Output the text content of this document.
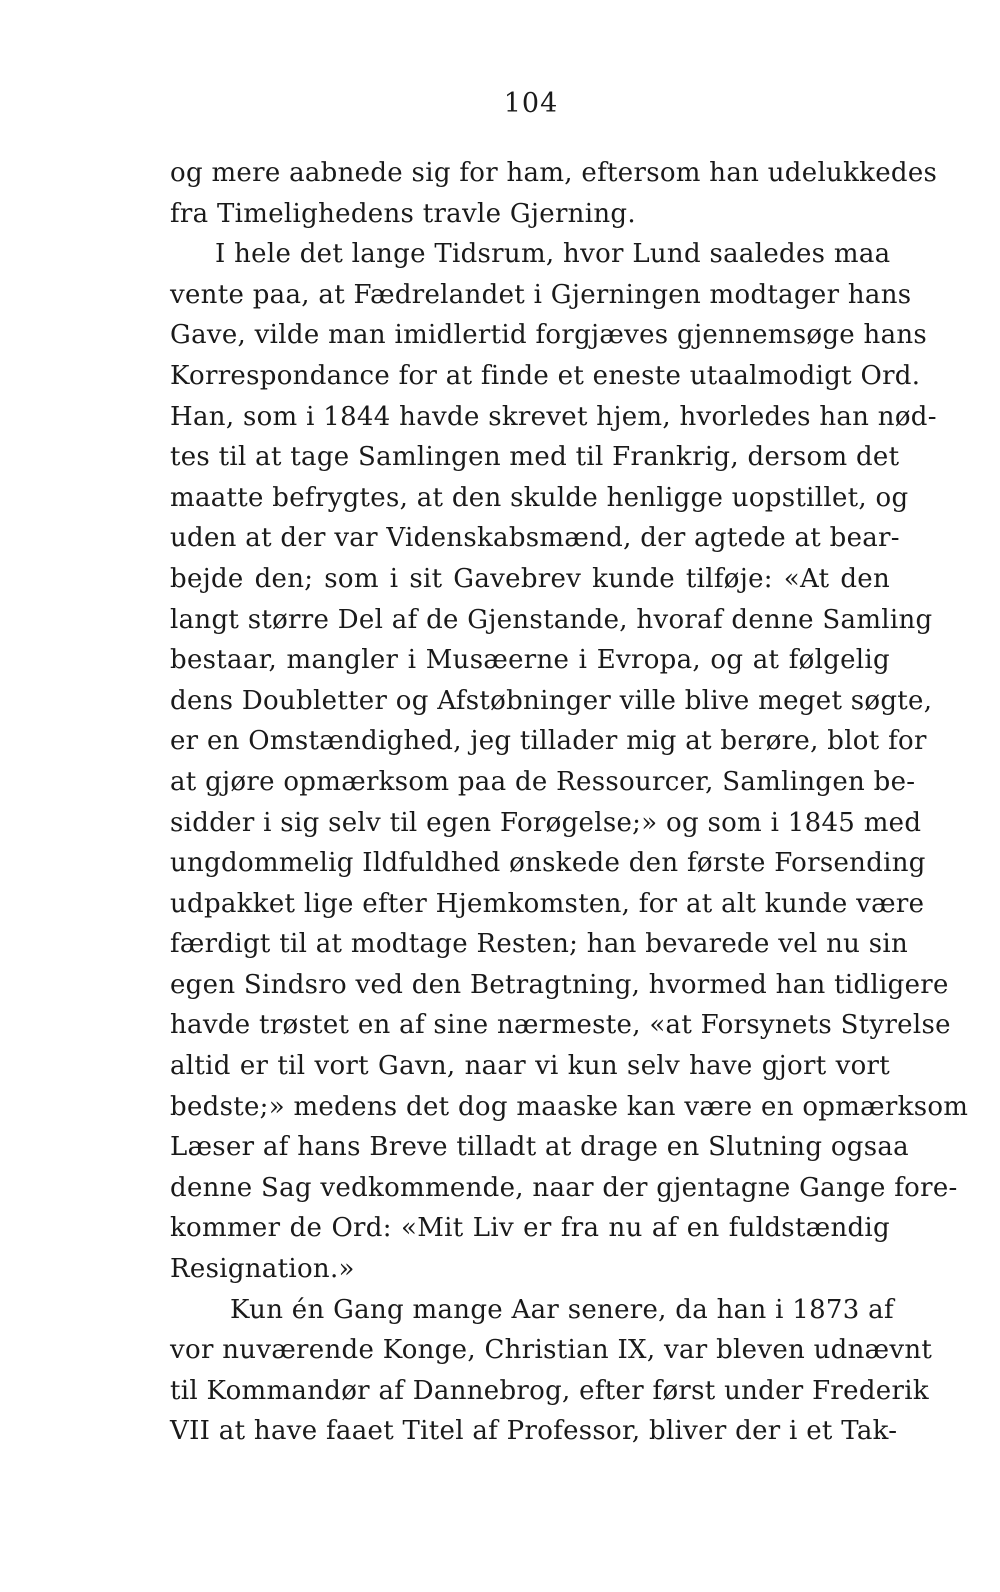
104
og mere aabnede sig for ham, eftersom han udelukkedes
fra Timelighedens travle Gjerning.
I hele det lange Tidsrum, hvor Lund saaledes maa
vente paa, at Fædrelandet i Gjerningen modtager hans
Gave, vilde man imidlertid forgjæves gjennemsøge hans
Korrespondance for at finde et eneste utaalmodigt Ord.
Han, som i 1844 havde skrevet hjem, hvorledes han nød-
tes til at tage Samlingen med til Frankrig, dersom det
maatte befrygtes, at den skulde henligge uopstillet, og
uden at der var Videnskabsmænd, der agtede at bear-
bejde den; som i sit Gavebrev kunde tilføje: «At den
langt større Del af de Gjenstande, hvoraf denne Samling
bestaar, mangler i Musæerne i Evropa, og at følgelig
dens Doubletter og Afstøbninger ville blive meget søgte,
er en Omstændighed, jeg tillader mig at berøre, blot for
at gjøre opmærksom paa de Ressourcer, Samlingen be-
sidder i sig selv til egen Forøgelse;» og som i 1845 med
ungdommelig Ildfuldhed ønskede den første Forsending
udpakket lige efter Hjemkomsten, for at alt kunde være
færdigt til at modtage Resten; han bevarede vel nu sin
egen Sindsro ved den Betragtning, hvormed han tidligere
havde trøstet en af sine nærmeste, «at Forsynets Styrelse
altid er til vort Gavn, naar vi kun selv have gjort vort
bedste;» medens det dog maaske kan være en opmærksom
Læser af hans Breve tilladt at drage en Slutning ogsaa
denne Sag vedkommende, naar der gjentagne Gange fore-
kommer de Ord: «Mit Liv er fra nu af en fuldstændig
Resignation.»
Kun én Gang mange Aar senere, da han i 1873 af
vor nuværende Konge, Christian IX, var bleven udnævnt
til Kommandør af Dannebrog, efter først under Frederik
VII at have faaet Titel af Professor, bliver der i et Tak-
